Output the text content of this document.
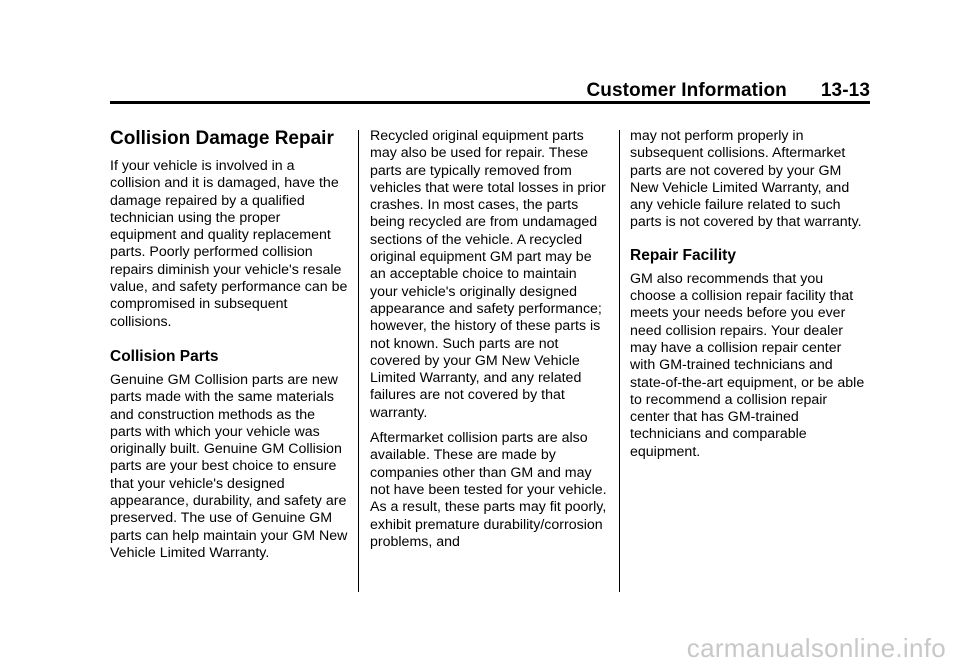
Customer Information 13-13
Collision Damage Repair

If your vehicle is involved in a collision and it is damaged, have the damage repaired by a qualified technician using the proper equipment and quality replacement parts. Poorly performed collision repairs diminish your vehicle's resale value, and safety performance can be compromised in subsequent collisions.

Collision Parts

Genuine GM Collision parts are new parts made with the same materials and construction methods as the parts with which your vehicle was originally built. Genuine GM Collision parts are your best choice to ensure that your vehicle's designed appearance, durability, and safety are preserved. The use of Genuine GM parts can help maintain your GM New Vehicle Limited Warranty.

Recycled original equipment parts may also be used for repair. These parts are typically removed from vehicles that were total losses in prior crashes. In most cases, the parts being recycled are from undamaged sections of the vehicle. A recycled original equipment GM part may be an acceptable choice to maintain your vehicle's originally designed appearance and safety performance; however, the history of these parts is not known. Such parts are not covered by your GM New Vehicle Limited Warranty, and any related failures are not covered by that warranty.

Aftermarket collision parts are also available. These are made by companies other than GM and may not have been tested for your vehicle. As a result, these parts may fit poorly, exhibit premature durability/corrosion problems, and

may not perform properly in subsequent collisions. Aftermarket parts are not covered by your GM New Vehicle Limited Warranty, and any vehicle failure related to such parts is not covered by that warranty.

Repair Facility

GM also recommends that you choose a collision repair facility that meets your needs before you ever need collision repairs. Your dealer may have a collision repair center with GM-trained technicians and state-of-the-art equipment, or be able to recommend a collision repair center that has GM-trained technicians and comparable equipment.

carmanualsonline.info
